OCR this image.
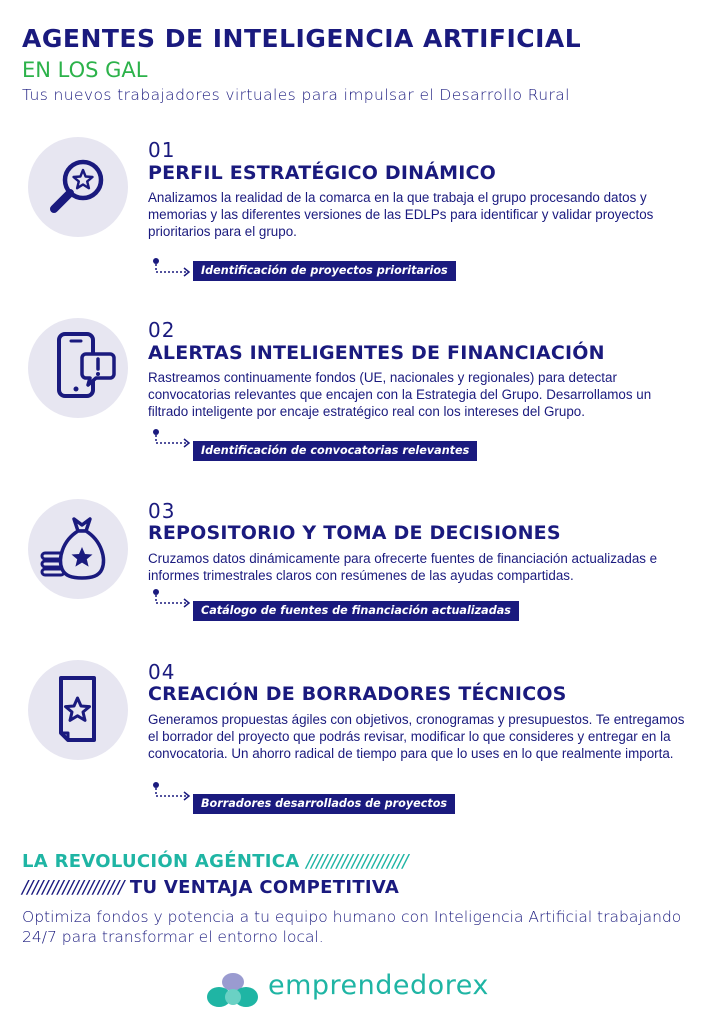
AGENTES DE INTELIGENCIA ARTIFICIAL
EN LOS GAL
Tus nuevos trabajadores virtuales para impulsar el Desarrollo Rural
01
PERFIL ESTRATÉGICO DINÁMICO
Analizamos la realidad de la comarca en la que trabaja el grupo procesando datos y memorias y las diferentes versiones de las EDLPs para identificar y validar proyectos prioritarios para el grupo.
Identificación de proyectos prioritarios
02
ALERTAS INTELIGENTES DE FINANCIACIÓN
Rastreamos continuamente fondos (UE, nacionales y regionales) para detectar convocatorias relevantes que encajen con la Estrategia del Grupo. Desarrollamos un filtrado inteligente por encaje estratégico real con los intereses del Grupo.
Identificación de convocatorias relevantes
03
REPOSITORIO Y TOMA DE DECISIONES
Cruzamos datos dinámicamente para ofrecerte fuentes de financiación actualizadas e informes trimestrales claros con resúmenes de las ayudas compartidas.
Catálogo de fuentes de financiación actualizadas
04
CREACIÓN DE BORRADORES TÉCNICOS
Generamos propuestas ágiles con objetivos, cronogramas y presupuestos. Te entregamos el borrador del proyecto que podrás revisar, modificar lo que consideres y entregar en la convocatoria. Un ahorro radical de tiempo para que lo uses en lo que realmente importa.
Borradores desarrollados de proyectos
LA REVOLUCIÓN AGÉNTICA ////////////////////
//////////////////// TU VENTAJA COMPETITIVA
Optimiza fondos y potencia a tu equipo humano con Inteligencia Artificial trabajando 24/7 para transformar el entorno local.
emprendedorex
